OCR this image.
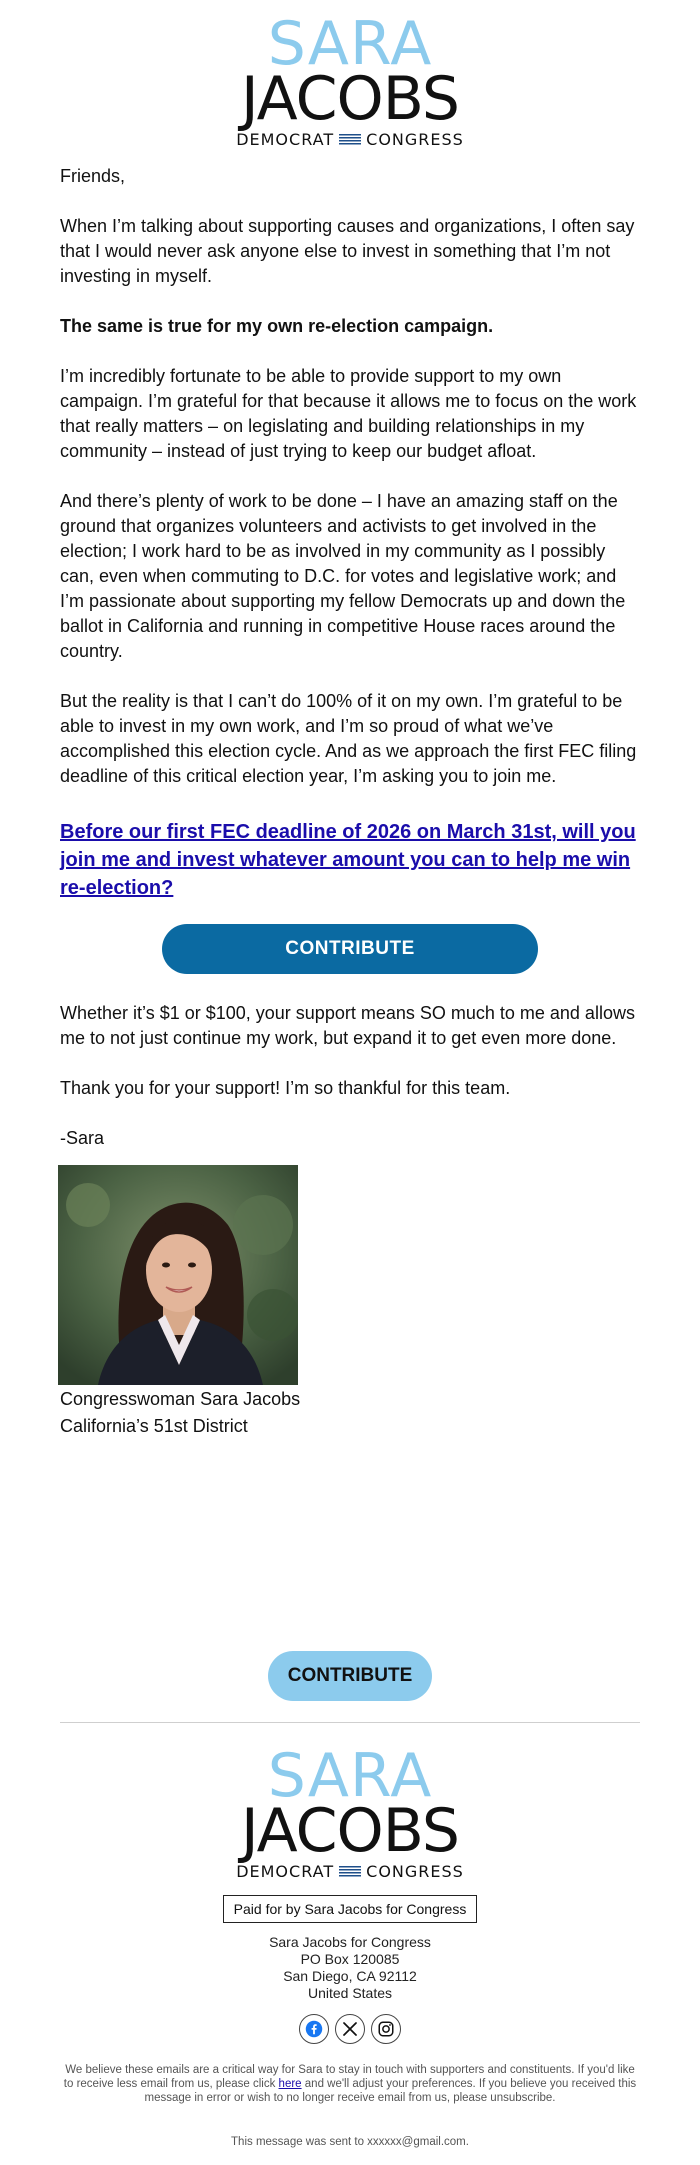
SARA
JACOBS
DEMOCRAT CONGRESS
Friends,
When I’m talking about supporting causes and organizations, I often say that I would never ask anyone else to invest in something that I’m not investing in myself.
The same is true for my own re-election campaign.
I’m incredibly fortunate to be able to provide support to my own campaign. I’m grateful for that because it allows me to focus on the work that really matters – on legislating and building relationships in my community – instead of just trying to keep our budget afloat.
And there’s plenty of work to be done – I have an amazing staff on the ground that organizes volunteers and activists to get involved in the election; I work hard to be as involved in my community as I possibly can, even when commuting to D.C. for votes and legislative work; and I’m passionate about supporting my fellow Democrats up and down the ballot in California and running in competitive House races around the country.
But the reality is that I can’t do 100% of it on my own. I’m grateful to be able to invest in my own work, and I’m so proud of what we’ve accomplished this election cycle. And as we approach the first FEC filing deadline of this critical election year, I’m asking you to join me.
Before our first FEC deadline of 2026 on March 31st, will you join me and invest whatever amount you can to help me win re-election?
CONTRIBUTE
Whether it’s $1 or $100, your support means SO much to me and allows me to not just continue my work, but expand it to get even more done.
Thank you for your support! I’m so thankful for this team.
-Sara
Congresswoman Sara Jacobs
California’s 51st District
CONTRIBUTE
SARA
JACOBS
DEMOCRAT CONGRESS
Paid for by Sara Jacobs for Congress
Sara Jacobs for Congress
PO Box 120085
San Diego, CA 92112
United States
We believe these emails are a critical way for Sara to stay in touch with supporters and constituents. If you'd like to receive less email from us, please click here and we'll adjust your preferences. If you believe you received this message in error or wish to no longer receive email from us, please unsubscribe.
This message was sent to xxxxxx@gmail.com.
